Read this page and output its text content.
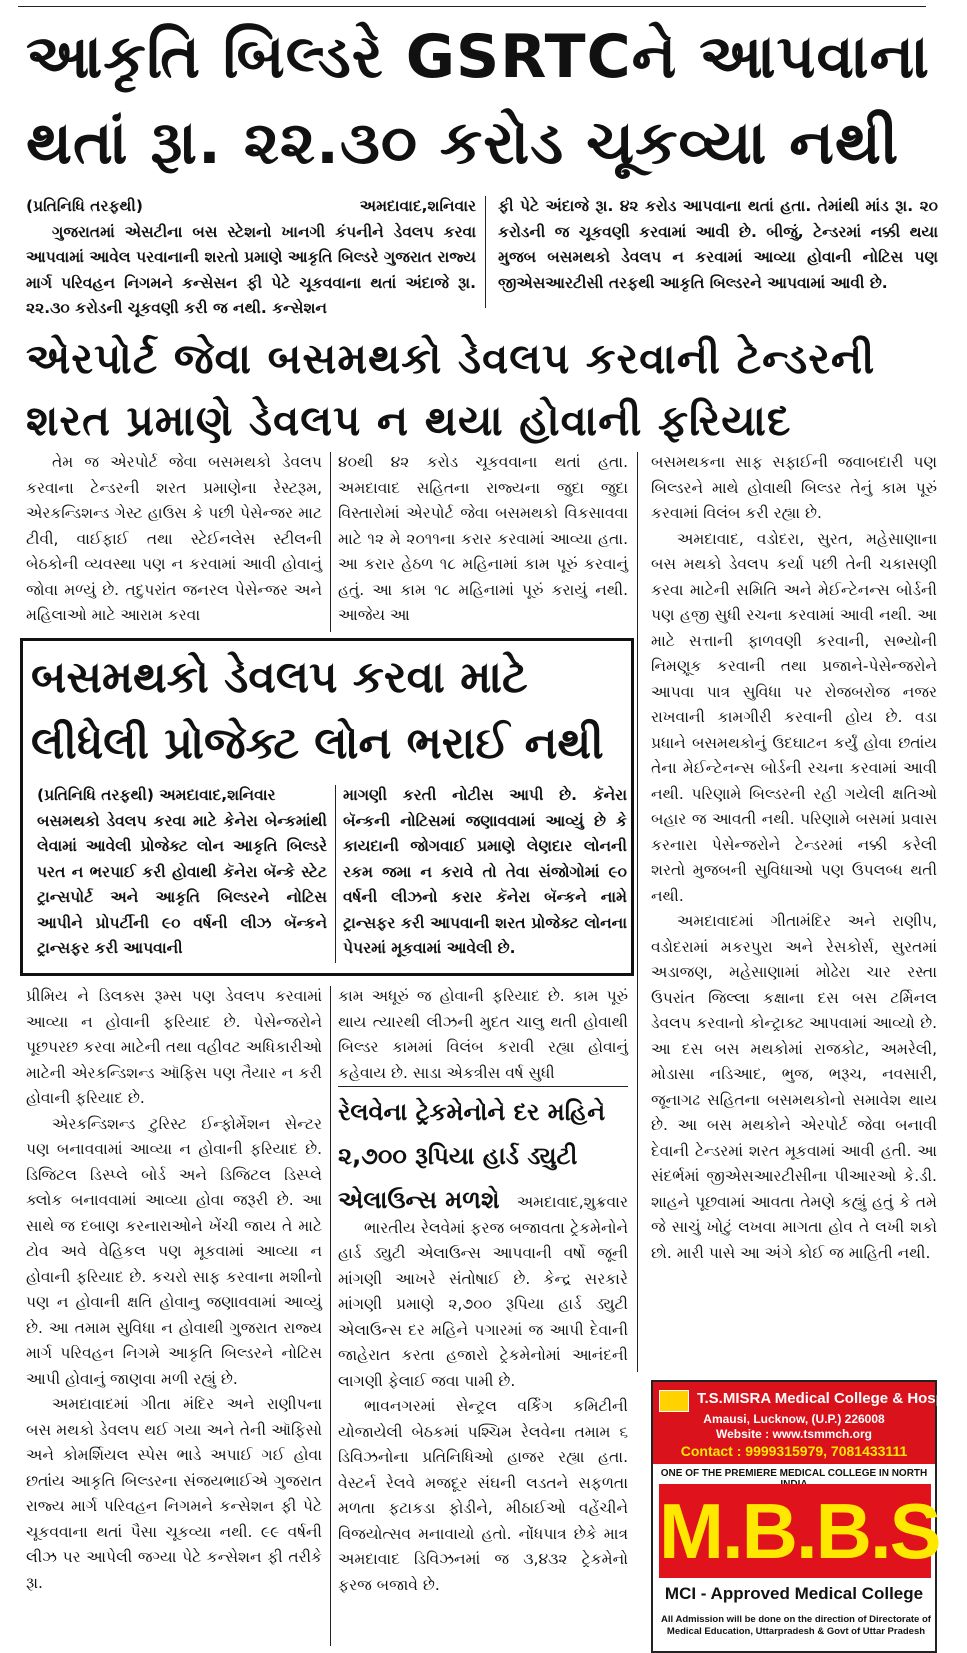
આકૃતિ બિલ્ડરે GSRTCને આપવાના
થતાં રૂા. ૨૨.૩૦ કરોડ ચૂકવ્યા નથી
(પ્રતિનિધિ તરફથી)	અમદાવાદ,શનિવાર

ગુજરાતમાં એસટીના બસ સ્ટેશનો ખાનગી કંપનીને ડેવલપ કરવા આપવામાં આવેલ પરવાનાની શરતો પ્રમાણે આકૃતિ બિલ્ડરે ગુજરાત રાજ્ય માર્ગ પરિવહન નિગમને કન્સેસન ફી પેટે ચૂકવવાના થતાં અંદાજે રૂા. ૨૨.૩૦ કરોડની ચૂકવણી કરી જ નથી. કન્સેશન

ફી પેટે અંદાજે રૂા. ૪૨ કરોડ આપવાના થતાં હતા. તેમાંથી માંડ રૂા. ૨૦ કરોડની જ ચૂકવણી કરવામાં આવી છે. બીજું, ટેન્ડરમાં નક્કી થયા મુજબ બસમથકો ડેવલપ ન કરવામાં આવ્યા હોવાની નોટિસ પણ જીએસઆરટીસી તરફથી આકૃતિ બિલ્ડરને આપવામાં આવી છે.

એરપોર્ટ જેવા બસમથકો ડેવલપ કરવાની ટેન્ડરની
શરત પ્રમાણે ડેવલપ ન થયા હોવાની ફરિયાદ

તેમ જ એરપોર્ટ જેવા બસમથકો ડેવલપ કરવાના ટેન્ડરની શરત પ્રમાણેના રેસ્ટરૂમ, એરકન્ડિશન્ડ ગેસ્ટ હાઉસ કે પછી પેસેન્જર માટ ટીવી, વાઈફાઈ તથા સ્ટેઈનલેસ સ્ટીલની બેઠકોની વ્યવસ્થા પણ ન કરવામાં આવી હોવાનું જોવા મળ્યું છે. તદુપરાંત જનરલ પેસેન્જર અને મહિલાઓ માટે આરામ કરવા

૪૦થી ૪૨ કરોડ ચૂકવવાના થતાં હતા. અમદાવાદ સહિતના રાજ્યના જુદા જુદા વિસ્તારોમાં એરપોર્ટ જેવા બસમથકો વિકસાવવા માટે ૧૨ મે ૨૦૧૧ના કરાર કરવામાં આવ્યા હતા. આ કરાર હેઠળ ૧૮ મહિનામાં કામ પૂરું કરવાનું હતું. આ કામ ૧૮ મહિનામાં પૂરું કરાયું નથી. આજેય આ

બસમથકના સાફ સફાઈની જવાબદારી પણ બિલ્ડરને માથે હોવાથી બિલ્ડર તેનું કામ પૂરું કરવામાં વિલંબ કરી રહ્યા છે.

અમદાવાદ, વડોદરા, સુરત, મહેસાણાના બસ મથકો ડેવલપ કર્યા પછી તેની ચકાસણી કરવા માટેની સમિતિ અને મેઈન્ટેનન્સ બોર્ડની પણ હજી સુધી રચના કરવામાં આવી નથી. આ માટે સત્તાની ફાળવણી કરવાની, સભ્યોની નિમણૂક કરવાની તથા પ્રજાને-પેસેન્જરોને આપવા પાત્ર સુવિધા પર રોજબરોજ નજર રાખવાની કામગીરી કરવાની હોય છે. વડા પ્રધાને બસમથકોનું ઉદઘાટન કર્યું હોવા છતાંય તેના મેઈન્ટેનન્સ બોર્ડની રચના કરવામાં આવી નથી. પરિણામે બિલ્ડરની રહી ગયેલી ક્ષતિઓ બહાર જ આવતી નથી. પરિણામે બસમાં પ્રવાસ કરનારા પેસેન્જરોને ટેન્ડરમાં નક્કી કરેલી શરતો મુજબની સુવિધાઓ પણ ઉપલબ્ધ થતી નથી.

અમદાવાદમાં ગીતામંદિર અને રાણીપ, વડોદરામાં મકરપુરા અને રેસકોર્સ, સુરતમાં અડાજણ, મહેસાણામાં મોઢેરા ચાર રસ્તા ઉપરાંત જિલ્લા કક્ષાના દસ બસ ટર્મિનલ ડેવલપ કરવાનો કોન્ટ્રાક્ટ આપવામાં આવ્યો છે. આ દસ બસ મથકોમાં રાજકોટ, અમરેલી, મોડાસા નડિઆદ, ભુજ, ભરૂચ, નવસારી, જૂનાગઢ સહિતના બસમથકોનો સમાવેશ થાય છે. આ બસ મથકોને એરપોર્ટ જેવા બનાવી દેવાની ટેન્ડરમાં શરત મૂકવામાં આવી હતી. આ સંદર્ભમાં જીએસઆરટીસીના પીઆરઓ કે.ડી. શાહને પૂછવામાં આવતા તેમણે કહ્યું હતું કે તમે જે સાચું ખોટું લખવા માગતા હોવ તે લખી શકો છો. મારી પાસે આ અંગે કોઈ જ માહિતી નથી.

બસમથકો ડેવલપ કરવા માટે
લીધેલી પ્રોજેક્ટ લોન ભરાઈ નથી
(પ્રતિનિધિ તરફથી) અમદાવાદ,શનિવાર

બસમથકો ડેવલપ કરવા માટે કેનેરા બેન્કમાંથી લેવામાં આવેલી પ્રોજેક્ટ લોન આકૃતિ બિલ્ડરે પરત ન ભરપાઈ કરી હોવાથી કૅનેરા બૅન્કે સ્ટેટ ટ્રાન્સપોર્ટ અને આકૃતિ બિલ્ડરને નોટિસ આપીને પ્રોપર્ટીની ૯૦ વર્ષની લીઝ બૅન્કને ટ્રાન્સફર કરી આપવાની

માગણી કરતી નોટીસ આપી છે. કૅનેરા બૅન્કની નોટિસમાં જણાવવામાં આવ્યું છે કે કાયદાની જોગવાઈ પ્રમાણે લેણદાર લોનની રકમ જમા ન કરાવે તો તેવા સંજોગોમાં ૯૦ વર્ષની લીઝનો કરાર કૅનેરા બૅન્કને નામે ટ્રાન્સફર કરી આપવાની શરત પ્રોજેક્ટ લોનના પેપરમાં મૂકવામાં આવેલી છે.

પ્રીમિય ને ડિલક્સ રૂમ્સ પણ ડેવલપ કરવામાં આવ્યા ન હોવાની ફરિયાદ છે. પેસેન્જરોને પૂછપરછ કરવા માટેની તથા વહીવટ અધિકારીઓ માટેની એરકન્ડિશન્ડ ઑફિસ પણ તૈયાર ન કરી હોવાની ફરિયાદ છે.

એરકન્ડિશન્ડ ટુરિસ્ટ ઈન્ફોર્મેશન સેન્ટર પણ બનાવવામાં આવ્યા ન હોવાની ફરિયાદ છે. ડિજિટલ ડિસ્પ્લે બોર્ડ અને ડિજિટલ ડિસ્પ્લે ક્લોક બનાવવામાં આવ્યા હોવા જરૂરી છે. આ સાથે જ દબાણ કરનારાઓને ખેંચી જાય તે માટે ટોવ અવે વેહિકલ પણ મૂકવામાં આવ્યા ન હોવાની ફરિયાદ છે. કચરો સાફ કરવાના મશીનો પણ ન હોવાની ક્ષતિ હોવાનુ જણાવવામાં આવ્યું છે. આ તમામ સુવિધા ન હોવાથી ગુજરાત રાજ્ય માર્ગ પરિવહન નિગમે આકૃતિ બિલ્ડરને નોટિસ આપી હોવાનું જાણવા મળી રહ્યું છે.

અમદાવાદમાં ગીતા મંદિર અને રાણીપના બસ મથકો ડેવલપ થઈ ગયા અને તેની ઑફિસો અને કોમર્શિયલ સ્પેસ ભાડે અપાઈ ગઈ હોવા છતાંય આકૃતિ બિલ્ડરના સંજયભાઈએ ગુજરાત રાજ્ય માર્ગ પરિવહન નિગમને કન્સેશન ફી પેટે ચૂકવવાના થતાં પૈસા ચૂકવ્યા નથી. ૯૯ વર્ષની લીઝ પર આપેલી જગ્યા પેટે કન્સેશન ફી તરીકે રૂા.

કામ અધૂરું જ હોવાની ફરિયાદ છે. કામ પૂરું થાય ત્યારથી લીઝની મુદત ચાલુ થતી હોવાથી બિલ્ડર કામમાં વિલંબ કરાવી રહ્યા હોવાનું કહેવાય છે. સાડા એકત્રીસ વર્ષ સુધી

રેલવેના ટ્રેકમેનોને દર મહિને ૨,૭૦૦ રૂપિયા હાર્ડ ડ્યુટી એલાઉન્સ મળશે	અમદાવાદ,શુક્રવાર

ભારતીય રેલવેમાં ફરજ બજાવતા ટ્રેકમેનોને હાર્ડ ડ્યુટી એલાઉન્સ આપવાની વર્ષો જૂની માંગણી આખરે સંતોષાઈ છે. કેન્દ્ર સરકારે માંગણી પ્રમાણે ૨,૭૦૦ રૂપિયા હાર્ડ ડ્યુટી એલાઉન્સ દર મહિને પગારમાં જ આપી દેવાની જાહેરાત કરતા હજારો ટ્રેકમેનોમાં આનંદની લાગણી ફેલાઈ જવા પામી છે.

ભાવનગરમાં સેન્ટ્રલ વર્કિંગ કમિટીની યોજાયેલી બેઠકમાં પશ્ચિમ રેલવેના તમામ ૬ ડિવિઝનોના પ્રતિનિધિઓ હાજર રહ્યા હતા. વેસ્ટર્ન રેલવે મજદૂર સંઘની લડતને સફળતા મળતા ફટાકડા ફોડીને, મીઠાઈઓ વહેંચીને વિજયોત્સવ મનાવાયો હતો. નોંધપાત્ર છેકે માત્ર અમદાવાદ ડિવિઝનમાં જ ૩,૪૩૨ ટ્રેકમેનો ફરજ બજાવે છે.

T.S.MISRA Medical College & Hospital
Amausi, Lucknow, (U.P.) 226008
Website : www.tsmmch.org
Contact : 9999315979, 7081433111
ONE OF THE PREMIERE MEDICAL COLLEGE IN NORTH
M.B.B.S
MCI - Approved Medical College
All Admission will be done on the direction of Directorate of Medical Education, Uttarpradesh & Govt of Uttar Pradesh
